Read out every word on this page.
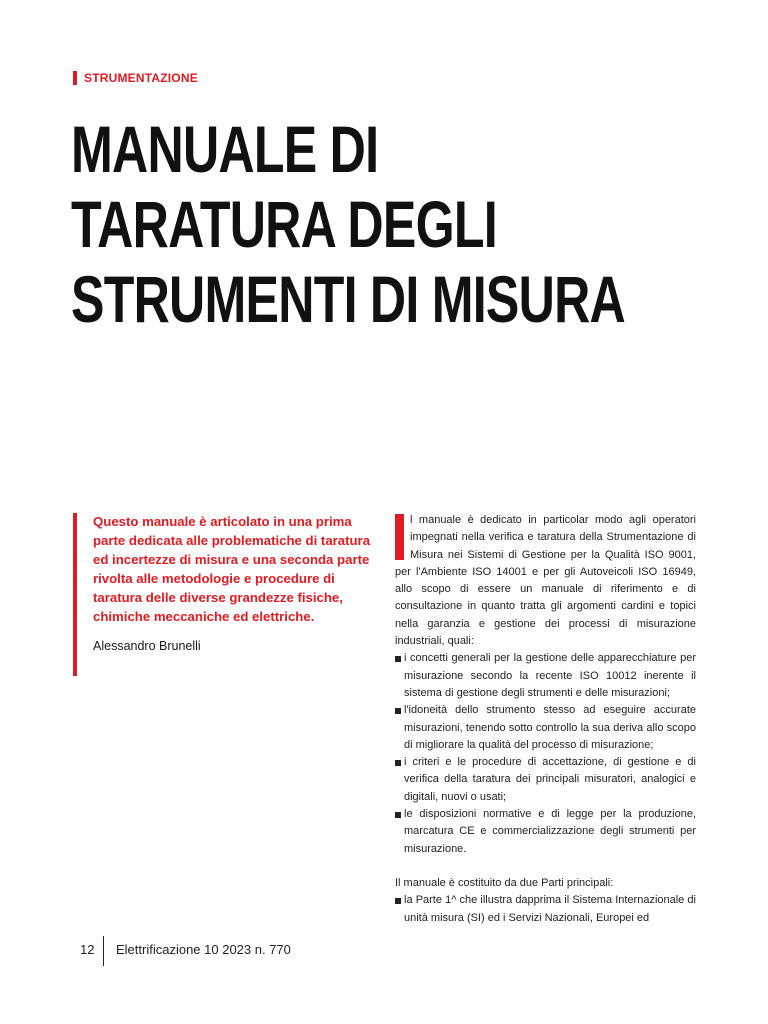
STRUMENTAZIONE
MANUALE DI
TARATURA DEGLI
STRUMENTI DI MISURA

Questo manuale è articolato in una prima parte dedicata alle problematiche di taratura ed incertezze di misura e una seconda parte rivolta alle metodologie e procedure di taratura delle diverse grandezze fisiche, chimiche meccaniche ed elettriche.

Alessandro Brunelli

l manuale è dedicato in particolar modo agli operatori impegnati nella verifica e taratura della Strumentazione di Misura nei Sistemi di Gestione per la Qualità ISO 9001, per l'Ambiente ISO 14001 e per gli Autoveicoli ISO 16949, allo scopo di essere un manuale di riferimento e di consultazione in quanto tratta gli argomenti cardini e topici nella garanzia e gestione dei processi di misurazione industriali, quali:

i concetti generali per la gestione delle apparecchiature per misurazione secondo la recente ISO 10012 inerente il sistema di gestione degli strumenti e delle misurazioni;
l'idoneità dello strumento stesso ad eseguire accurate misurazioni, tenendo sotto controllo la sua deriva allo scopo di migliorare la qualità del processo di misurazione;
i criteri e le procedure di accettazione, di gestione e di verifica della taratura dei principali misuratori, analogici e digitali, nuovi o usati;
le disposizioni normative e di legge per la produzione, marcatura CE e commercializzazione degli strumenti per misurazione.

Il manuale è costituito da due Parti principali:

la Parte 1^ che illustra dapprima il Sistema Internazionale di unità misura (SI) ed i Servizi Nazionali, Europei ed
12 Elettrificazione 10 2023 n. 770
